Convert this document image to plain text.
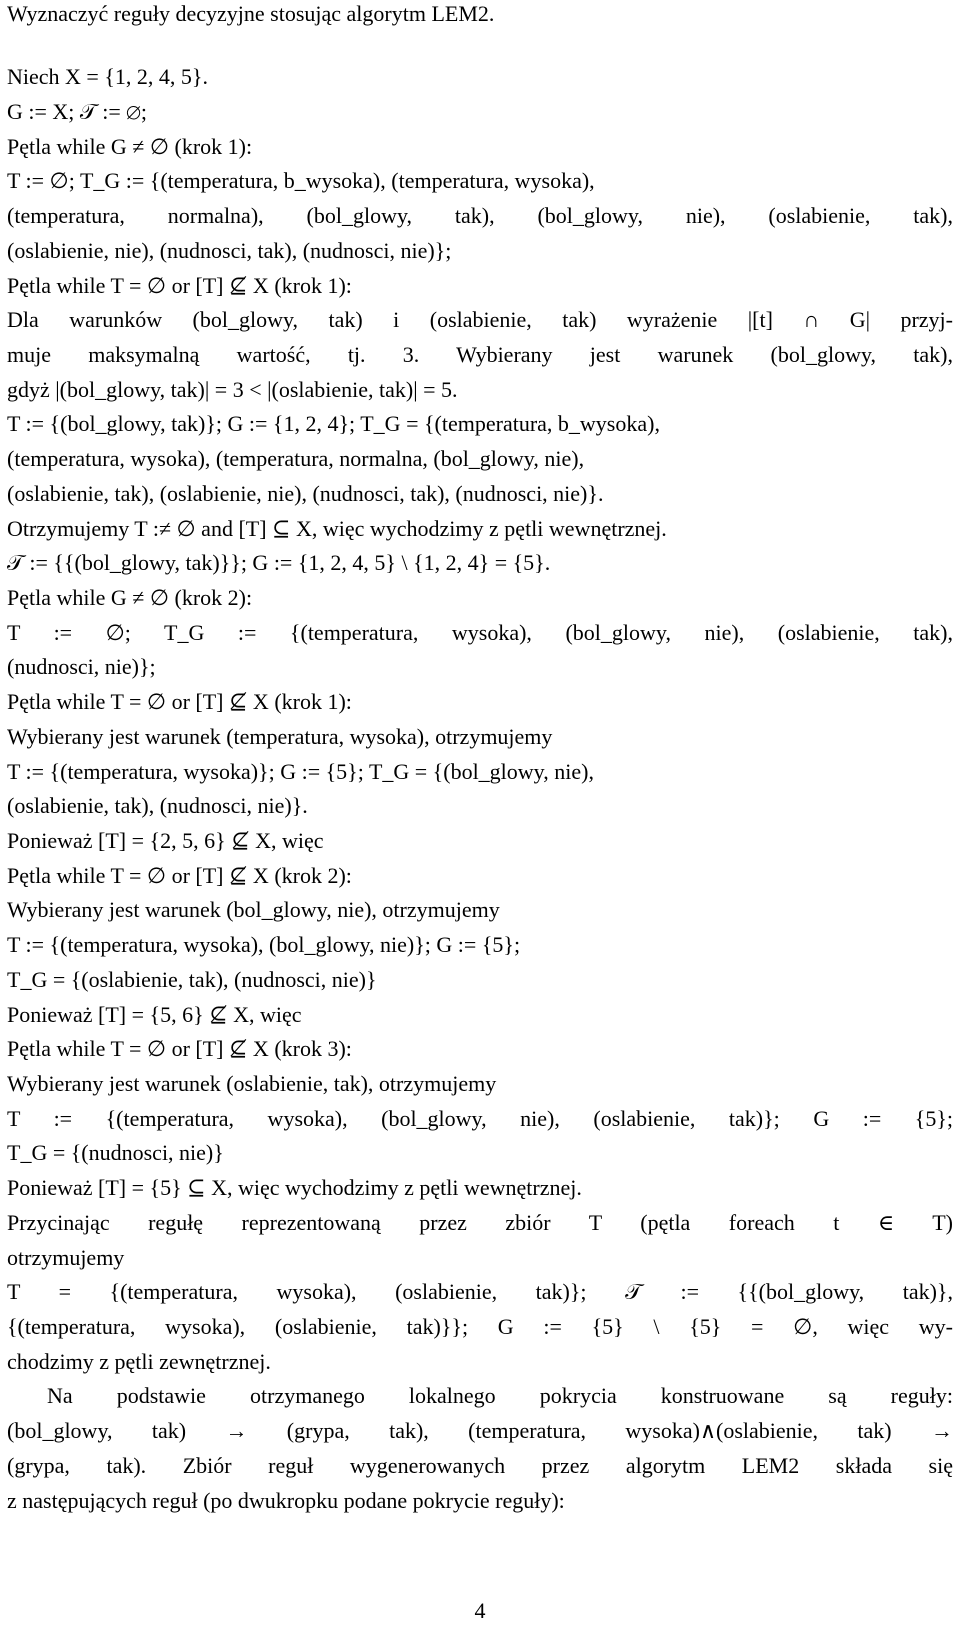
Wyznaczyć reguły decyzyjne stosując algorytm LEM2.
Niech X = {1, 2, 4, 5}.
G := X; 𝒯 := ∅;
Pętla while G ≠ ∅ (krok 1):
T := ∅; T_G := {(temperatura, b_wysoka), (temperatura, wysoka),
(temperatura, normalna), (bol_glowy, tak), (bol_glowy, nie), (oslabienie, tak),
(oslabienie, nie), (nudnosci, tak), (nudnosci, nie)};
Pętla while T = ∅ or [T] ⊈ X (krok 1):
Dla warunków (bol_glowy, tak) i (oslabienie, tak) wyrażenie |[t] ∩ G| przyj-
muje maksymalną wartość, tj. 3. Wybierany jest warunek (bol_glowy, tak),
gdyż |(bol_glowy, tak)| = 3 < |(oslabienie, tak)| = 5.
T := {(bol_glowy, tak)}; G := {1, 2, 4}; T_G = {(temperatura, b_wysoka),
(temperatura, wysoka), (temperatura, normalna, (bol_glowy, nie),
(oslabienie, tak), (oslabienie, nie), (nudnosci, tak), (nudnosci, nie)}.
Otrzymujemy T :≠ ∅ and [T] ⊆ X, więc wychodzimy z pętli wewnętrznej.
𝒯 := {{(bol_glowy, tak)}}; G := {1, 2, 4, 5} \ {1, 2, 4} = {5}.
Pętla while G ≠ ∅ (krok 2):
T := ∅; T_G := {(temperatura, wysoka), (bol_glowy, nie), (oslabienie, tak),
(nudnosci, nie)};
Pętla while T = ∅ or [T] ⊈ X (krok 1):
Wybierany jest warunek (temperatura, wysoka), otrzymujemy
T := {(temperatura, wysoka)}; G := {5}; T_G = {(bol_glowy, nie),
(oslabienie, tak), (nudnosci, nie)}.
Ponieważ [T] = {2, 5, 6} ⊈ X, więc
Pętla while T = ∅ or [T] ⊈ X (krok 2):
Wybierany jest warunek (bol_glowy, nie), otrzymujemy
T := {(temperatura, wysoka), (bol_glowy, nie)}; G := {5};
T_G = {(oslabienie, tak), (nudnosci, nie)}
Ponieważ [T] = {5, 6} ⊈ X, więc
Pętla while T = ∅ or [T] ⊈ X (krok 3):
Wybierany jest warunek (oslabienie, tak), otrzymujemy
T := {(temperatura, wysoka), (bol_glowy, nie), (oslabienie, tak)}; G := {5};
T_G = {(nudnosci, nie)}
Ponieważ [T] = {5} ⊆ X, więc wychodzimy z pętli wewnętrznej.
Przycinając regułę reprezentowaną przez zbiór T (pętla foreach t ∈ T)
otrzymujemy
T = {(temperatura, wysoka), (oslabienie, tak)}; 𝒯 := {{(bol_glowy, tak)},
{(temperatura, wysoka), (oslabienie, tak)}}; G := {5} \ {5} = ∅, więc wy-
chodzimy z pętli zewnętrznej.
Na podstawie otrzymanego lokalnego pokrycia konstruowane są reguły:
(bol_glowy, tak) → (grypa, tak), (temperatura, wysoka)∧(oslabienie, tak) →
(grypa, tak). Zbiór reguł wygenerowanych przez algorytm LEM2 składa się
z następujących reguł (po dwukropku podane pokrycie reguły):
4
